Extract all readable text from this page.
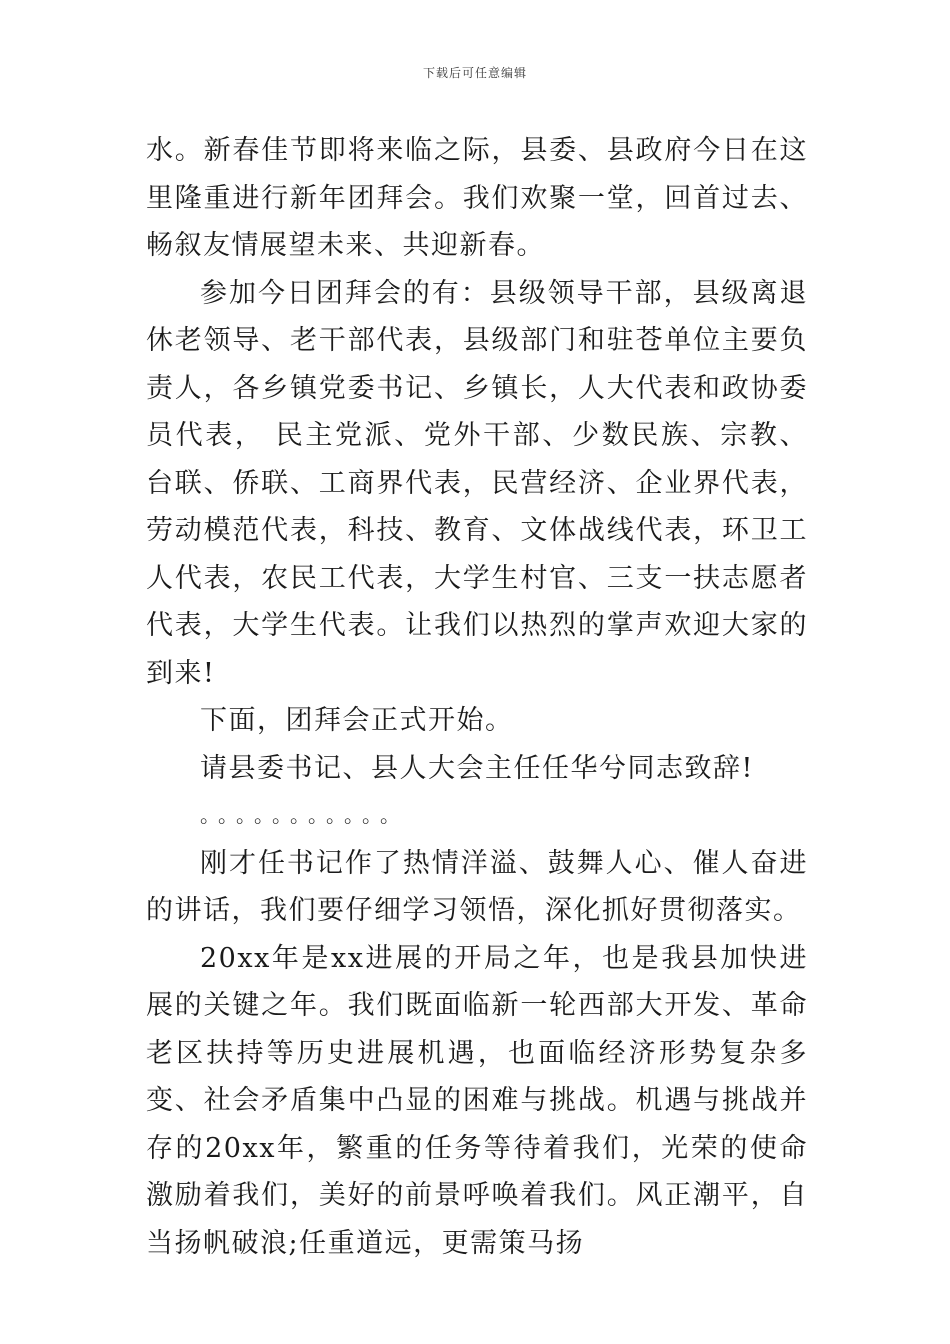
下载后可任意编辑

水。新春佳节即将来临之际，县委、县政府今日在这里隆重进行新年团拜会。我们欢聚一堂，回首过去、畅叙友情展望未来、共迎新春。

参加今日团拜会的有：县级领导干部，县级离退休老领导、老干部代表，县级部门和驻苍单位主要负责人，各乡镇党委书记、乡镇长，人大代表和政协委员代表， 民主党派、党外干部、少数民族、宗教、台联、侨联、工商界代表，民营经济、企业界代表，劳动模范代表，科技、教育、文体战线代表，环卫工人代表，农民工代表，大学生村官、三支一扶志愿者代表，大学生代表。让我们以热烈的掌声欢迎大家的到来!

下面，团拜会正式开始。

请县委书记、县人大会主任任华兮同志致辞!

。。。。。。。。。。。

刚才任书记作了热情洋溢、鼓舞人心、催人奋进的讲话，我们要仔细学习领悟，深化抓好贯彻落实。

20xx年是xx进展的开局之年，也是我县加快进展的关键之年。我们既面临新一轮西部大开发、革命老区扶持等历史进展机遇，也面临经济形势复杂多变、社会矛盾集中凸显的困难与挑战。机遇与挑战并存的20xx年，繁重的任务等待着我们，光荣的使命激励着我们，美好的前景呼唤着我们。风正潮平，自当扬帆破浪;任重道远，更需策马扬
